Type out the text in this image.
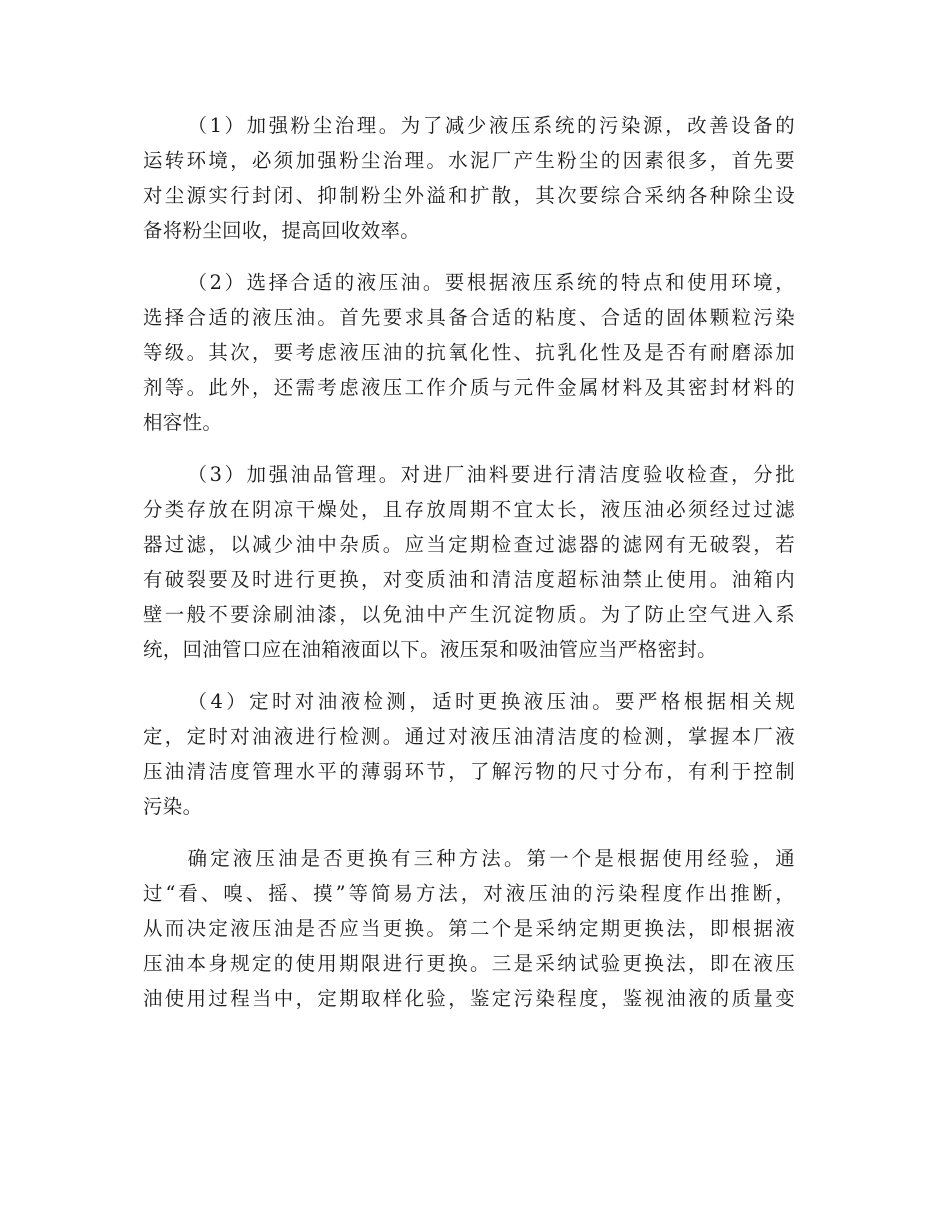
（1）加强粉尘治理。为了减少液压系统的污染源，改善设备的
运转环境，必须加强粉尘治理。水泥厂产生粉尘的因素很多，首先要
对尘源实行封闭、抑制粉尘外溢和扩散，其次要综合采纳各种除尘设
备将粉尘回收，提高回收效率。
（2）选择合适的液压油。要根据液压系统的特点和使用环境，
选择合适的液压油。首先要求具备合适的粘度、合适的固体颗粒污染
等级。其次，要考虑液压油的抗氧化性、抗乳化性及是否有耐磨添加
剂等。此外，还需考虑液压工作介质与元件金属材料及其密封材料的
相容性。
（3）加强油品管理。对进厂油料要进行清洁度验收检查，分批
分类存放在阴凉干燥处，且存放周期不宜太长，液压油必须经过过滤
器过滤，以减少油中杂质。应当定期检查过滤器的滤网有无破裂，若
有破裂要及时进行更换，对变质油和清洁度超标油禁止使用。油箱内
壁一般不要涂刷油漆，以免油中产生沉淀物质。为了防止空气进入系
统，回油管口应在油箱液面以下。液压泵和吸油管应当严格密封。
（4）定时对油液检测，适时更换液压油。要严格根据相关规
定，定时对油液进行检测。通过对液压油清洁度的检测，掌握本厂液
压油清洁度管理水平的薄弱环节，了解污物的尺寸分布，有利于控制
污染。
确定液压油是否更换有三种方法。第一个是根据使用经验，通
过“看、嗅、摇、摸”等简易方法，对液压油的污染程度作出推断，
从而决定液压油是否应当更换。第二个是采纳定期更换法，即根据液
压油本身规定的使用期限进行更换。三是采纳试验更换法，即在液压
油使用过程当中，定期取样化验，鉴定污染程度，鉴视油液的质量变
